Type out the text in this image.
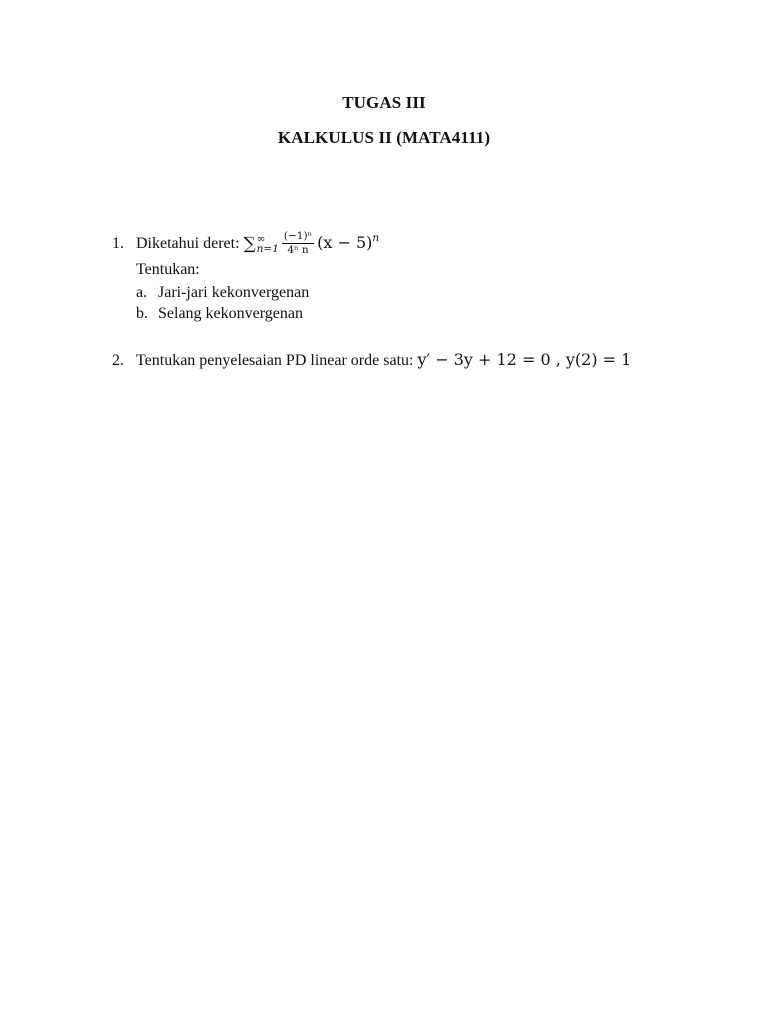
TUGAS III
KALKULUS II (MATA4111)
1. Diketahui deret: ∑ ∞
$n=1 \frac{\text{(−1)ⁿ}}{\text{4ⁿ n}} (x - 5)^n$
Tentukan:
a. Jari-jari kekonvergenan
b. Selang kekonvergenan
2. Tentukan penyelesaian PD linear orde satu: y′ − 3y + 12 = 0 , y(2) = 1
